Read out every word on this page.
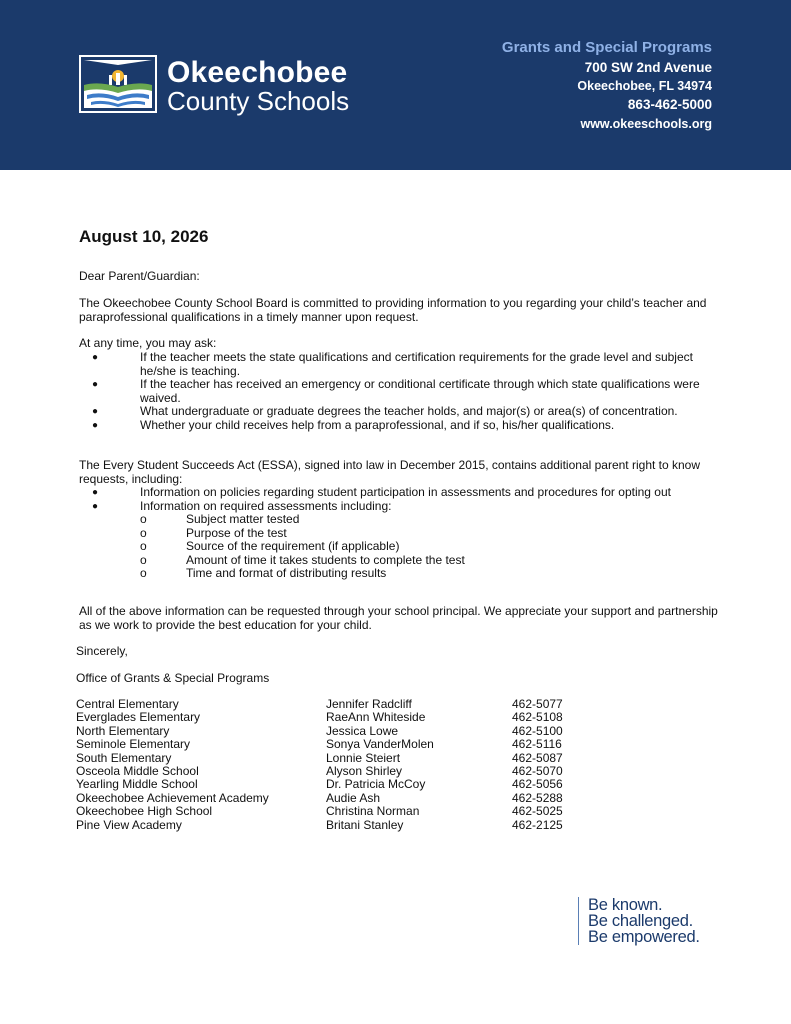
Okeechobee
County Schools
Grants and Special Programs
700 SW 2nd Avenue
Okeechobee, FL 34974
863-462-5000
www.okeeschools.org
August 10, 2026
Dear Parent/Guardian:
The Okeechobee County School Board is committed to providing information to you regarding your child’s teacher and
paraprofessional qualifications in a timely manner upon request.
At any time, you may ask:
●	If the teacher meets the state qualifications and certification requirements for the grade level and subject
he/she is teaching.
●	If the teacher has received an emergency or conditional certificate through which state qualifications were
waived.
●	What undergraduate or graduate degrees the teacher holds, and major(s) or area(s) of concentration.
●	Whether your child receives help from a paraprofessional, and if so, his/her qualifications.
The Every Student Succeeds Act (ESSA), signed into law in December 2015, contains additional parent right to know
requests, including:
●	Information on policies regarding student participation in assessments and procedures for opting out
●	Information on required assessments including:
o	Subject matter tested
o	Purpose of the test
o	Source of the requirement (if applicable)
o	Amount of time it takes students to complete the test
o	Time and format of distributing results
All of the above information can be requested through your school principal. We appreciate your support and partnership
as we work to provide the best education for your child.
Sincerely,
Office of Grants & Special Programs
Central Elementary	Jennifer Radcliff	462-5077
Everglades Elementary	RaeAnn Whiteside	462-5108
North Elementary	Jessica Lowe	462-5100
Seminole Elementary	Sonya VanderMolen	462-5116
South Elementary	Lonnie Steiert	462-5087
Osceola Middle School	Alyson Shirley	462-5070
Yearling Middle School	Dr. Patricia McCoy	462-5056
Okeechobee Achievement Academy	Audie Ash	462-5288
Okeechobee High School	Christina Norman	462-5025
Pine View Academy	Britani Stanley	462-2125
Be known.
Be challenged.
Be empowered.
